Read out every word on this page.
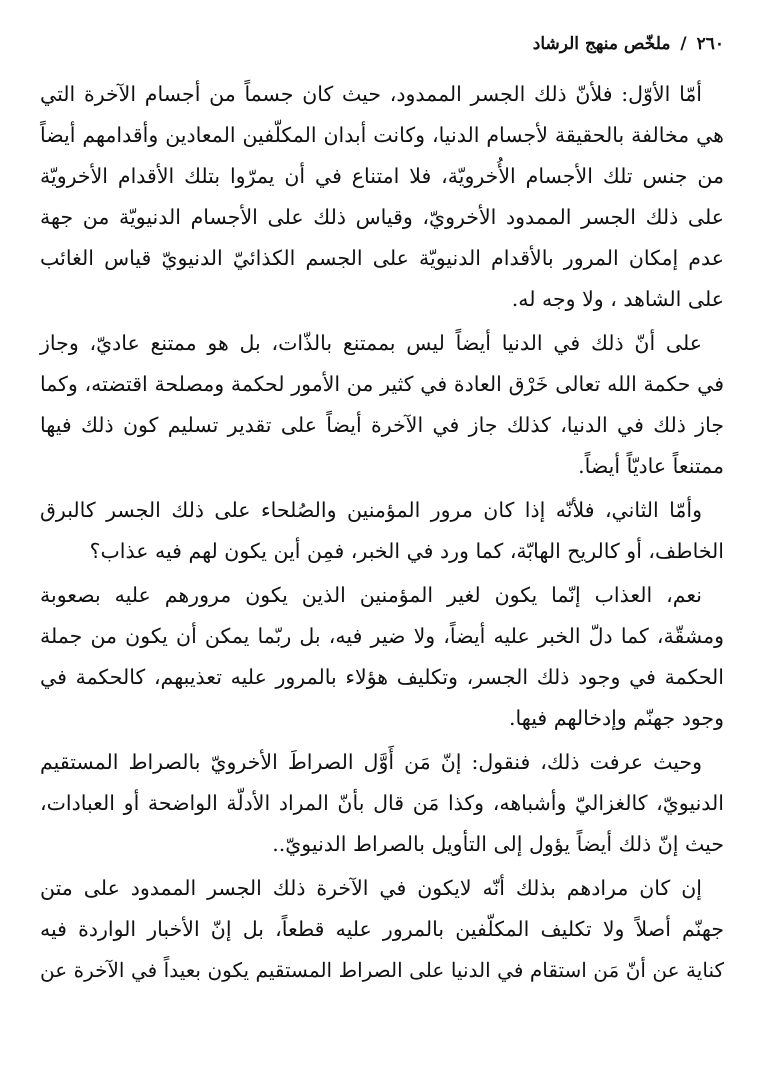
٢٦٠/ ملخّص منهج الرشاد
أمّا الأوّل: فلأنّ ذلك الجسر الممدود، حيث كان جسماً من أجسام الآخرة التي
هي مخالفة بالحقيقة لأجسام الدنيا، وكانت أبدان المكلّفين المعادين وأقدامهم أيضاً
من جنس تلك الأجسام الأُخرويّة، فلا امتناع في أن يمرّوا بتلك الأقدام الأخرويّة
على ذلك الجسر الممدود الأخرويّ، وقياس ذلك على الأجسام الدنيويّة من جهة
عدم إمكان المرور بالأقدام الدنيويّة على الجسم الكذائيّ الدنيويّ قياس الغائب
على الشاهد ، ولا وجه له.
على أنّ ذلك في الدنيا أيضاً ليس بممتنع بالذّات، بل هو ممتنع عاديّ، وجاز
في حكمة الله تعالى خَرْق العادة في كثير من الأمور لحكمة ومصلحة اقتضته، وكما
جاز ذلك في الدنيا، كذلك جاز في الآخرة أيضاً على تقدير تسليم كون ذلك فيها
ممتنعاً عاديّاً أيضاً.
وأمّا الثاني، فلأنّه إذا كان مرور المؤمنين والصُلحاء على ذلك الجسر كالبرق
الخاطف، أو كالريح الهابّة، كما ورد في الخبر، فمِن أين يكون لهم فيه عذاب؟
نعم، العذاب إنّما يكون لغير المؤمنين الذين يكون مرورهم عليه بصعوبة
ومشقّة، كما دلّ الخبر عليه أيضاً، ولا ضير فيه، بل ربّما يمكن أن يكون من جملة
الحكمة في وجود ذلك الجسر، وتكليف هؤلاء بالمرور عليه تعذيبهم، كالحكمة في
وجود جهنّم وإدخالهم فيها.
وحيث عرفت ذلك، فنقول: إنّ مَن أَوَّل الصراطَ الأخرويّ بالصراط المستقيم
الدنيويّ، كالغزاليّ وأشباهه، وكذا مَن قال بأنّ المراد الأدلّة الواضحة أو العبادات،
حيث إنّ ذلك أيضاً يؤول إلى التأويل بالصراط الدنيويّ..
إن كان مرادهم بذلك أنّه لايكون في الآخرة ذلك الجسر الممدود على متن
جهنّم أصلاً ولا تكليف المكلّفين بالمرور عليه قطعاً، بل إنّ الأخبار الواردة فيه
كناية عن أنّ مَن استقام في الدنيا على الصراط المستقيم يكون بعيداً في الآخرة عن
